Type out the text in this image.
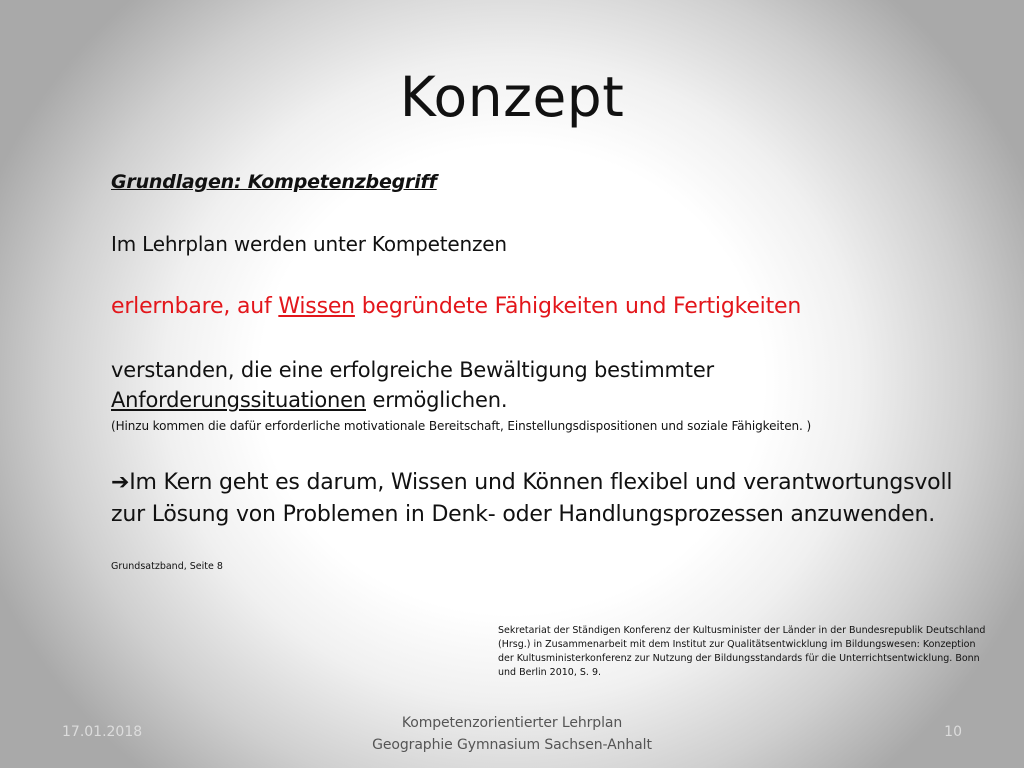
Konzept
Grundlagen: Kompetenzbegriff
Im Lehrplan werden unter Kompetenzen
erlernbare, auf Wissen begründete Fähigkeiten und Fertigkeiten
verstanden, die eine erfolgreiche Bewältigung bestimmter
Anforderungssituationen ermöglichen.
(Hinzu kommen die dafür erforderliche motivationale Bereitschaft, Einstellungsdispositionen und soziale Fähigkeiten. )
➔Im Kern geht es darum, Wissen und Können flexibel und verantwortungsvoll
zur Lösung von Problemen in Denk- oder Handlungsprozessen anzuwenden.
Grundsatzband, Seite 8
Sekretariat der Ständigen Konferenz der Kultusminister der Länder in der Bundesrepublik Deutschland (Hrsg.) in Zusammenarbeit mit dem Institut zur Qualitätsentwicklung im Bildungswesen: Konzeption der Kultusministerkonferenz zur Nutzung der Bildungsstandards für die Unterrichtsentwicklung. Bonn und Berlin 2010, S. 9.
17.01.2018
Kompetenzorientierter Lehrplan
Geographie Gymnasium Sachsen-Anhalt
10
